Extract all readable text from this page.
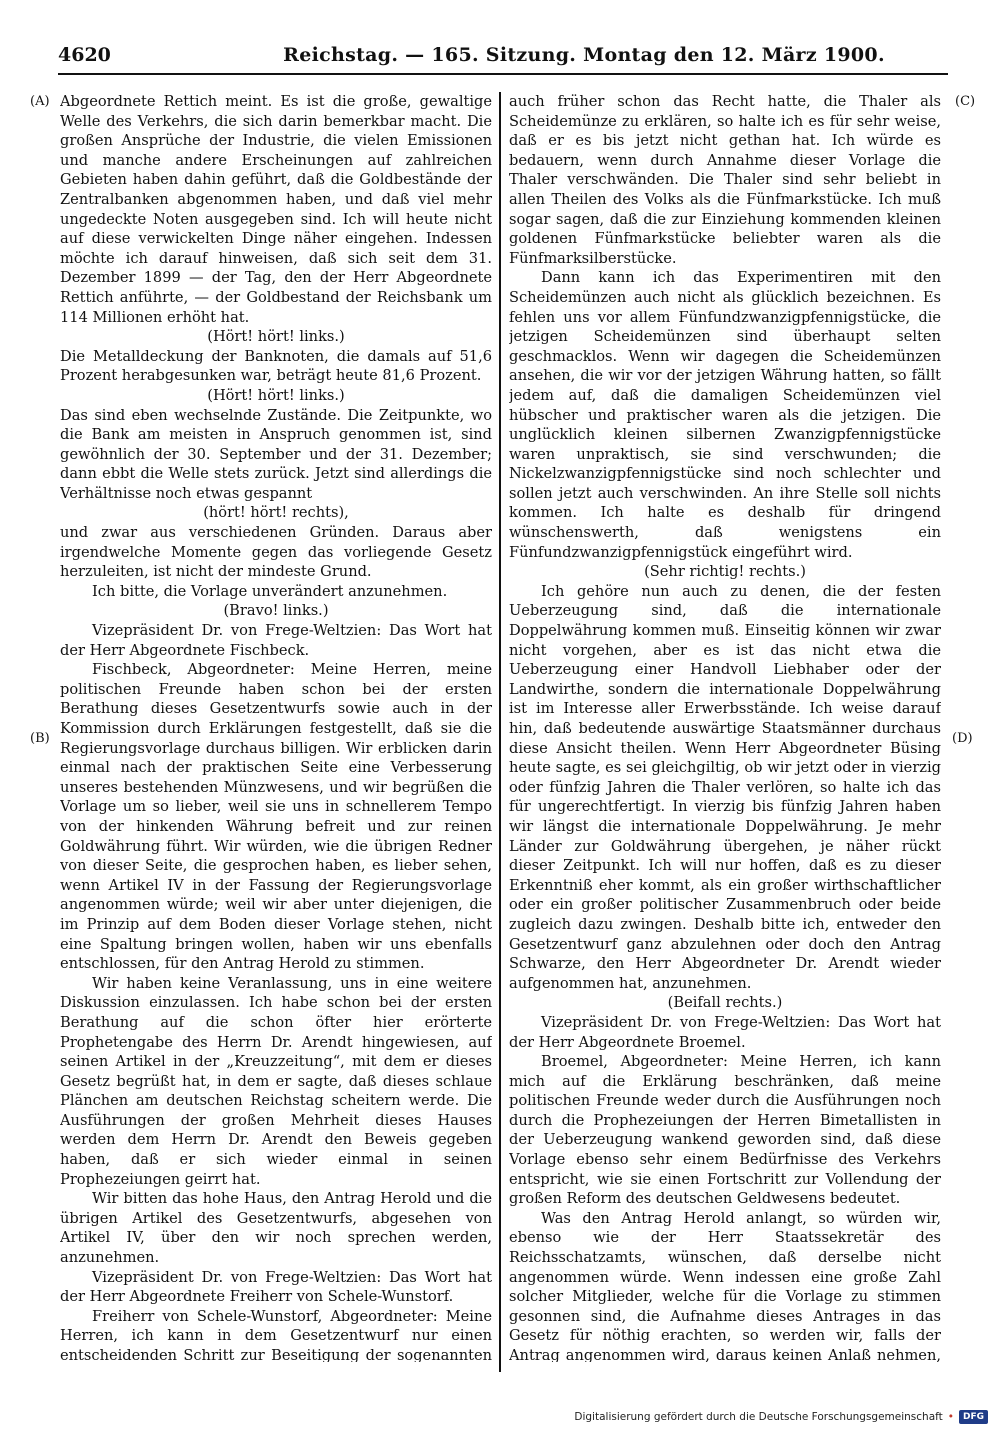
4620	Reichstag. — 165. Sitzung. Montag den 12. März 1900.
(A)
(B)
(C)
(D)

Abgeordnete Rettich meint. Es ist die große, gewaltige Welle des Verkehrs, die sich darin bemerkbar macht. Die großen Ansprüche der Industrie, die vielen Emissionen und manche andere Erscheinungen auf zahlreichen Gebieten haben dahin geführt, daß die Goldbestände der Zentralbanken abgenommen haben, und daß viel mehr ungedeckte Noten ausgegeben sind. Ich will heute nicht auf diese verwickelten Dinge näher eingehen. Indessen möchte ich darauf hinweisen, daß sich seit dem 31. Dezember 1899 — der Tag, den der Herr Abgeordnete Rettich anführte, — der Goldbestand der Reichsbank um 114 Millionen erhöht hat.

(Hört! hört! links.)

Die Metalldeckung der Banknoten, die damals auf 51,6 Prozent herabgesunken war, beträgt heute 81,6 Prozent.

(Hört! hört! links.)

Das sind eben wechselnde Zustände. Die Zeitpunkte, wo die Bank am meisten in Anspruch genommen ist, sind gewöhnlich der 30. September und der 31. Dezember; dann ebbt die Welle stets zurück. Jetzt sind allerdings die Verhältnisse noch etwas gespannt

(hört! hört! rechts),

und zwar aus verschiedenen Gründen. Daraus aber irgendwelche Momente gegen das vorliegende Gesetz herzuleiten, ist nicht der mindeste Grund.

Ich bitte, die Vorlage unverändert anzunehmen.

(Bravo! links.)

Vizepräsident Dr. von Frege-Weltzien: Das Wort hat der Herr Abgeordnete Fischbeck.

Fischbeck, Abgeordneter: Meine Herren, meine politischen Freunde haben schon bei der ersten Berathung dieses Gesetzentwurfs sowie auch in der Kommission durch Erklärungen festgestellt, daß sie die Regierungsvorlage durchaus billigen. Wir erblicken darin einmal nach der praktischen Seite eine Verbesserung unseres bestehenden Münzwesens, und wir begrüßen die Vorlage um so lieber, weil sie uns in schnellerem Tempo von der hinkenden Währung befreit und zur reinen Goldwährung führt. Wir würden, wie die übrigen Redner von dieser Seite, die gesprochen haben, es lieber sehen, wenn Artikel IV in der Fassung der Regierungsvorlage angenommen würde; weil wir aber unter diejenigen, die im Prinzip auf dem Boden dieser Vorlage stehen, nicht eine Spaltung bringen wollen, haben wir uns ebenfalls entschlossen, für den Antrag Herold zu stimmen.

Wir haben keine Veranlassung, uns in eine weitere Diskussion einzulassen. Ich habe schon bei der ersten Berathung auf die schon öfter hier erörterte Prophetengabe des Herrn Dr. Arendt hingewiesen, auf seinen Artikel in der „Kreuzzeitung“, mit dem er dieses Gesetz begrüßt hat, in dem er sagte, daß dieses schlaue Plänchen am deutschen Reichstag scheitern werde. Die Ausführungen der großen Mehrheit dieses Hauses werden dem Herrn Dr. Arendt den Beweis gegeben haben, daß er sich wieder einmal in seinen Prophezeiungen geirrt hat.

Wir bitten das hohe Haus, den Antrag Herold und die übrigen Artikel des Gesetzentwurfs, abgesehen von Artikel IV, über den wir noch sprechen werden, anzunehmen.

Vizepräsident Dr. von Frege-Weltzien: Das Wort hat der Herr Abgeordnete Freiherr von Schele-Wunstorf.

Freiherr von Schele-Wunstorf, Abgeordneter: Meine Herren, ich kann in dem Gesetzentwurf nur einen entscheidenden Schritt zur Beseitigung der sogenannten

auch früher schon das Recht hatte, die Thaler als Scheidemünze zu erklären, so halte ich es für sehr weise, daß er es bis jetzt nicht gethan hat. Ich würde es bedauern, wenn durch Annahme dieser Vorlage die Thaler verschwänden. Die Thaler sind sehr beliebt in allen Theilen des Volks als die Fünfmarkstücke. Ich muß sogar sagen, daß die zur Einziehung kommenden kleinen goldenen Fünfmarkstücke beliebter waren als die Fünfmarksilberstücke.

Dann kann ich das Experimentiren mit den Scheidemünzen auch nicht als glücklich bezeichnen. Es fehlen uns vor allem Fünfundzwanzigpfennigstücke, die jetzigen Scheidemünzen sind überhaupt selten geschmacklos. Wenn wir dagegen die Scheidemünzen ansehen, die wir vor der jetzigen Währung hatten, so fällt jedem auf, daß die damaligen Scheidemünzen viel hübscher und praktischer waren als die jetzigen. Die unglücklich kleinen silbernen Zwanzigpfennigstücke waren unpraktisch, sie sind verschwunden; die Nickelzwanzigpfennigstücke sind noch schlechter und sollen jetzt auch verschwinden. An ihre Stelle soll nichts kommen. Ich halte es deshalb für dringend wünschenswerth, daß wenigstens ein Fünfundzwanzigpfennigstück eingeführt wird.

(Sehr richtig! rechts.)

Ich gehöre nun auch zu denen, die der festen Ueberzeugung sind, daß die internationale Doppelwährung kommen muß. Einseitig können wir zwar nicht vorgehen, aber es ist das nicht etwa die Ueberzeugung einer Handvoll Liebhaber oder der Landwirthe, sondern die internationale Doppelwährung ist im Interesse aller Erwerbsstände. Ich weise darauf hin, daß bedeutende auswärtige Staatsmänner durchaus diese Ansicht theilen. Wenn Herr Abgeordneter Büsing heute sagte, es sei gleichgiltig, ob wir jetzt oder in vierzig oder fünfzig Jahren die Thaler verlören, so halte ich das für ungerechtfertigt. In vierzig bis fünfzig Jahren haben wir längst die internationale Doppelwährung. Je mehr Länder zur Goldwährung übergehen, je näher rückt dieser Zeitpunkt. Ich will nur hoffen, daß es zu dieser Erkenntniß eher kommt, als ein großer wirthschaftlicher oder ein großer politischer Zusammenbruch oder beide zugleich dazu zwingen. Deshalb bitte ich, entweder den Gesetzentwurf ganz abzulehnen oder doch den Antrag Schwarze, den Herr Abgeordneter Dr. Arendt wieder aufgenommen hat, anzunehmen.

(Beifall rechts.)

Vizepräsident Dr. von Frege-Weltzien: Das Wort hat der Herr Abgeordnete Broemel.

Broemel, Abgeordneter: Meine Herren, ich kann mich auf die Erklärung beschränken, daß meine politischen Freunde weder durch die Ausführungen noch durch die Prophezeiungen der Herren Bimetallisten in der Ueberzeugung wankend geworden sind, daß diese Vorlage ebenso sehr einem Bedürfnisse des Verkehrs entspricht, wie sie einen Fortschritt zur Vollendung der großen Reform des deutschen Geldwesens bedeutet.

Was den Antrag Herold anlangt, so würden wir, ebenso wie der Herr Staatssekretär des Reichsschatzamts, wünschen, daß derselbe nicht angenommen würde. Wenn indessen eine große Zahl solcher Mitglieder, welche für die Vorlage zu stimmen gesonnen sind, die Aufnahme dieses Antrages in das Gesetz für nöthig erachten, so werden wir, falls der Antrag angenommen wird, daraus keinen Anlaß nehmen,

Digitalisierung gefördert durch die Deutsche Forschungsgemeinschaft •	DFG
